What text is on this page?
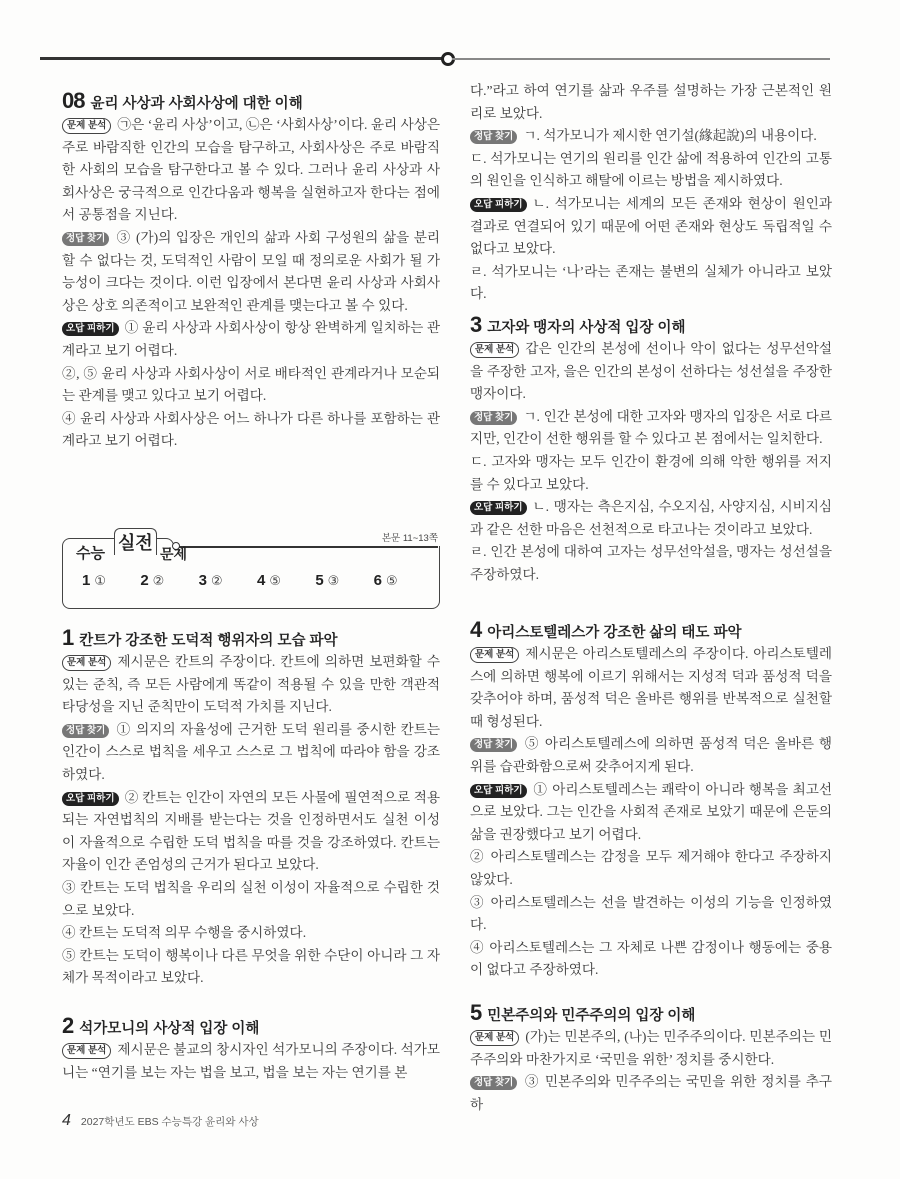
08 윤리 사상과 사회사상에 대한 이해

문제 분석 ㉠은 ‘윤리 사상’이고, ㉡은 ‘사회사상’이다. 윤리 사상은 주로 바람직한 인간의 모습을 탐구하고, 사회사상은 주로 바람직한 사회의 모습을 탐구한다고 볼 수 있다. 그러나 윤리 사상과 사회사상은 궁극적으로 인간다움과 행복을 실현하고자 한다는 점에서 공통점을 지닌다.

정답 찾기 ③ (가)의 입장은 개인의 삶과 사회 구성원의 삶을 분리할 수 없다는 것, 도덕적인 사람이 모일 때 정의로운 사회가 될 가능성이 크다는 것이다. 이런 입장에서 본다면 윤리 사상과 사회사상은 상호 의존적이고 보완적인 관계를 맺는다고 볼 수 있다.

오답 피하기 ① 윤리 사상과 사회사상이 항상 완벽하게 일치하는 관계라고 보기 어렵다.

②, ⑤ 윤리 사상과 사회사상이 서로 배타적인 관계라거나 모순되는 관계를 맺고 있다고 보기 어렵다.

④ 윤리 사상과 사회사상은 어느 하나가 다른 하나를 포함하는 관계라고 보기 어렵다.

1 칸트가 강조한 도덕적 행위자의 모습 파악

문제 분석 제시문은 칸트의 주장이다. 칸트에 의하면 보편화할 수 있는 준칙, 즉 모든 사람에게 똑같이 적용될 수 있을 만한 객관적 타당성을 지닌 준칙만이 도덕적 가치를 지닌다.

정답 찾기 ① 의지의 자율성에 근거한 도덕 원리를 중시한 칸트는 인간이 스스로 법칙을 세우고 스스로 그 법칙에 따라야 함을 강조하였다.

오답 피하기 ② 칸트는 인간이 자연의 모든 사물에 필연적으로 적용되는 자연법칙의 지배를 받는다는 것을 인정하면서도 실천 이성이 자율적으로 수립한 도덕 법칙을 따를 것을 강조하였다. 칸트는 자율이 인간 존엄성의 근거가 된다고 보았다.

③ 칸트는 도덕 법칙을 우리의 실천 이성이 자율적으로 수립한 것으로 보았다.

④ 칸트는 도덕적 의무 수행을 중시하였다.

⑤ 칸트는 도덕이 행복이나 다른 무엇을 위한 수단이 아니라 그 자체가 목적이라고 보았다.

2 석가모니의 사상적 입장 이해

문제 분석 제시문은 불교의 창시자인 석가모니의 주장이다. 석가모니는 “연기를 보는 자는 법을 보고, 법을 보는 자는 연기를 본

다.”라고 하여 연기를 삶과 우주를 설명하는 가장 근본적인 원리로 보았다.

정답 찾기 ㄱ. 석가모니가 제시한 연기설(緣起說)의 내용이다.

ㄷ. 석가모니는 연기의 원리를 인간 삶에 적용하여 인간의 고통의 원인을 인식하고 해탈에 이르는 방법을 제시하였다.

오답 피하기 ㄴ. 석가모니는 세계의 모든 존재와 현상이 원인과 결과로 연결되어 있기 때문에 어떤 존재와 현상도 독립적일 수 없다고 보았다.

ㄹ. 석가모니는 ‘나’라는 존재는 불변의 실체가 아니라고 보았다.

3 고자와 맹자의 사상적 입장 이해

문제 분석 갑은 인간의 본성에 선이나 악이 없다는 성무선악설을 주장한 고자, 을은 인간의 본성이 선하다는 성선설을 주장한 맹자이다.

정답 찾기 ㄱ. 인간 본성에 대한 고자와 맹자의 입장은 서로 다르지만, 인간이 선한 행위를 할 수 있다고 본 점에서는 일치한다.

ㄷ. 고자와 맹자는 모두 인간이 환경에 의해 악한 행위를 저지를 수 있다고 보았다.

오답 피하기 ㄴ. 맹자는 측은지심, 수오지심, 사양지심, 시비지심과 같은 선한 마음은 선천적으로 타고나는 것이라고 보았다.

ㄹ. 인간 본성에 대하여 고자는 성무선악설을, 맹자는 성선설을 주장하였다.

4 아리스토텔레스가 강조한 삶의 태도 파악

문제 분석 제시문은 아리스토텔레스의 주장이다. 아리스토텔레스에 의하면 행복에 이르기 위해서는 지성적 덕과 품성적 덕을 갖추어야 하며, 품성적 덕은 올바른 행위를 반복적으로 실천할 때 형성된다.

정답 찾기 ⑤ 아리스토텔레스에 의하면 품성적 덕은 올바른 행위를 습관화함으로써 갖추어지게 된다.

오답 피하기 ① 아리스토텔레스는 쾌락이 아니라 행복을 최고선으로 보았다. 그는 인간을 사회적 존재로 보았기 때문에 은둔의 삶을 권장했다고 보기 어렵다.

② 아리스토텔레스는 감정을 모두 제거해야 한다고 주장하지 않았다.

③ 아리스토텔레스는 선을 발견하는 이성의 기능을 인정하였다.

④ 아리스토텔레스는 그 자체로 나쁜 감정이나 행동에는 중용이 없다고 주장하였다.

5 민본주의와 민주주의의 입장 이해

문제 분석 (가)는 민본주의, (나)는 민주주의이다. 민본주의는 민주주의와 마찬가지로 ‘국민을 위한’ 정치를 중시한다.

정답 찾기 ③ 민본주의와 민주주의는 국민을 위한 정치를 추구하

수능
실전
문제
본문 11~13쪽
1 ①	2 ②	3 ②	4 ⑤	5 ③	6 ⑤
4 2027학년도 EBS 수능특강 윤리와 사상
